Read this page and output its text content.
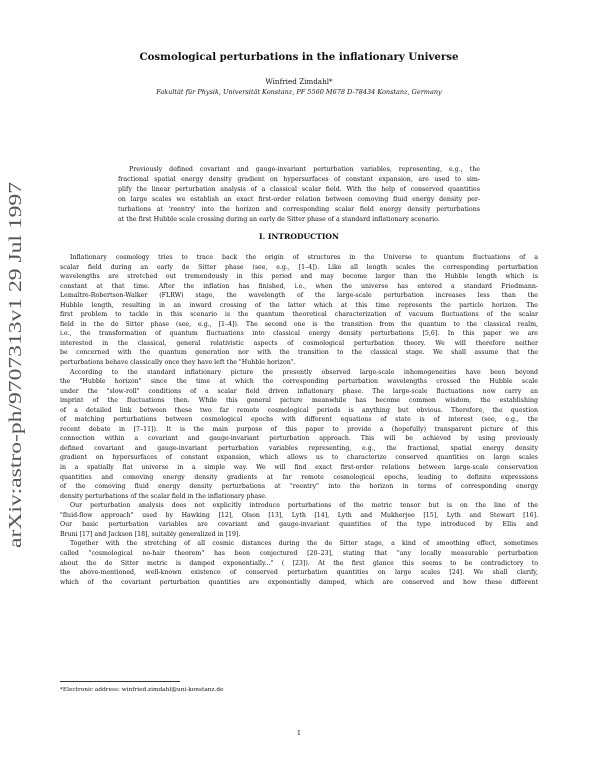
arXiv:astro-ph/9707313v1 29 Jul 1997
Cosmological perturbations in the inflationary Universe
Winfried Zimdahl*
Fakultät für Physik, Universität Konstanz, PF 5560 M678 D-78434 Konstanz, Germany
Previously defined covariant and gauge-invariant perturbation variables, representing, e.g., the
fractional spatial energy density gradient on hypersurfaces of constant expansion, are used to sim-
plify the linear perturbation analysis of a classical scalar field. With the help of conserved quantities
on large scales we establish an exact first-order relation between comoving fluid energy density per-
turbations at 'reentry' into the horizon and corresponding scalar field energy density perturbations
at the first Hubble scale crossing during an early de Sitter phase of a standard inflationary scenario.
I. INTRODUCTION
Inflationary cosmology tries to trace back the origin of structures in the Universe to quantum fluctuations of a
scalar field during an early de Sitter phase (see, e.g., [1–4]). Like all length scales the corresponding perturbation
wavelengths are stretched out tremendously in this period and may become larger than the Hubble length which is
constant at that time. After the inflation has finished, i.e., when the universe has entered a standard Friedmann-
Lemaître-Robertson-Walker (FLRW) stage, the wavelength of the large-scale perturbation increases less than the
Hubble length, resulting in an inward crossing of the latter which at this time represents the particle horizon. The
first problem to tackle in this scenario is the quantum theoretical characterization of vacuum fluctuations of the scalar
field in the de Sitter phase (see, e.g., [1–4]). The second one is the transition from the quantum to the classical realm,
i.e., the transformation of quantum fluctuations into classical energy density perturbations [5,6]. In this paper we are
interested in the classical, general relativistic aspects of cosmological perturbation theory. We will therefore neither
be concerned with the quantum generation nor with the transition to the classical stage. We shall assume that the
perturbations behave classically once they have left the "Hubble horizon".
According to the standard inflationary picture the presently observed large-scale inhomogeneities have been beyond
the "Hubble horizon" since the time at which the corresponding perturbation wavelengths crossed the Hubble scale
under the "slow-roll" conditions of a scalar field driven inflationary phase. The large-scale fluctuations now carry an
imprint of the fluctuations then. While this general picture meanwhile has become common wisdom, the establishing
of a detailed link between these two far remote cosmological periods is anything but obvious. Therefore, the question
of matching perturbations between cosmological epochs with different equations of state is of interest (see, e.g., the
recent debate in [7–11]). It is the main purpose of this paper to provide a (hopefully) transparent picture of this
connection within a covariant and gauge-invariant perturbation approach. This will be achieved by using previously
defined covariant and gauge-invariant perturbation variables representing, e.g., the fractional, spatial energy density
gradient on hypersurfaces of constant expansion, which allows us to characterize conserved quantities on large scales
in a spatially flat universe in a simple way. We will find exact first-order relations between large-scale conservation
quantities and comoving energy density gradients at far remote cosmological epochs, leading to definite expressions
of the comoving fluid energy density perturbations at "reentry" into the horizon in terms of corresponding energy
density perturbations of the scalar field in the inflationary phase.
Our perturbation analysis does not explicitly introduce perturbations of the metric tensor but is on the line of the
"fluid-flow approach" used by Hawking [12], Olson [13], Lyth [14], Lyth and Mukherjee [15], Lyth and Stewart [16].
Our basic perturbation variables are covariant and gauge-invariant quantities of the type introduced by Ellis and
Bruni [17] and Jackson [18], suitably generalized in [19].
Together with the stretching of all cosmic distances during the de Sitter stage, a kind of smoothing effect, sometimes
called "cosmological no-hair theorem" has been conjectured [20–23], stating that "any locally measurable perturbation
about the de Sitter metric is damped exponentially..." ( [23]). At the first glance this seems to be contradictory to
the above-mentioned, well-known existence of conserved perturbation quantities on large scales [24]. We shall clarify,
which of the covariant perturbation quantities are exponentially damped, which are conserved and how these different
*Electronic address: winfried.zimdahl@uni-konstanz.de
1
